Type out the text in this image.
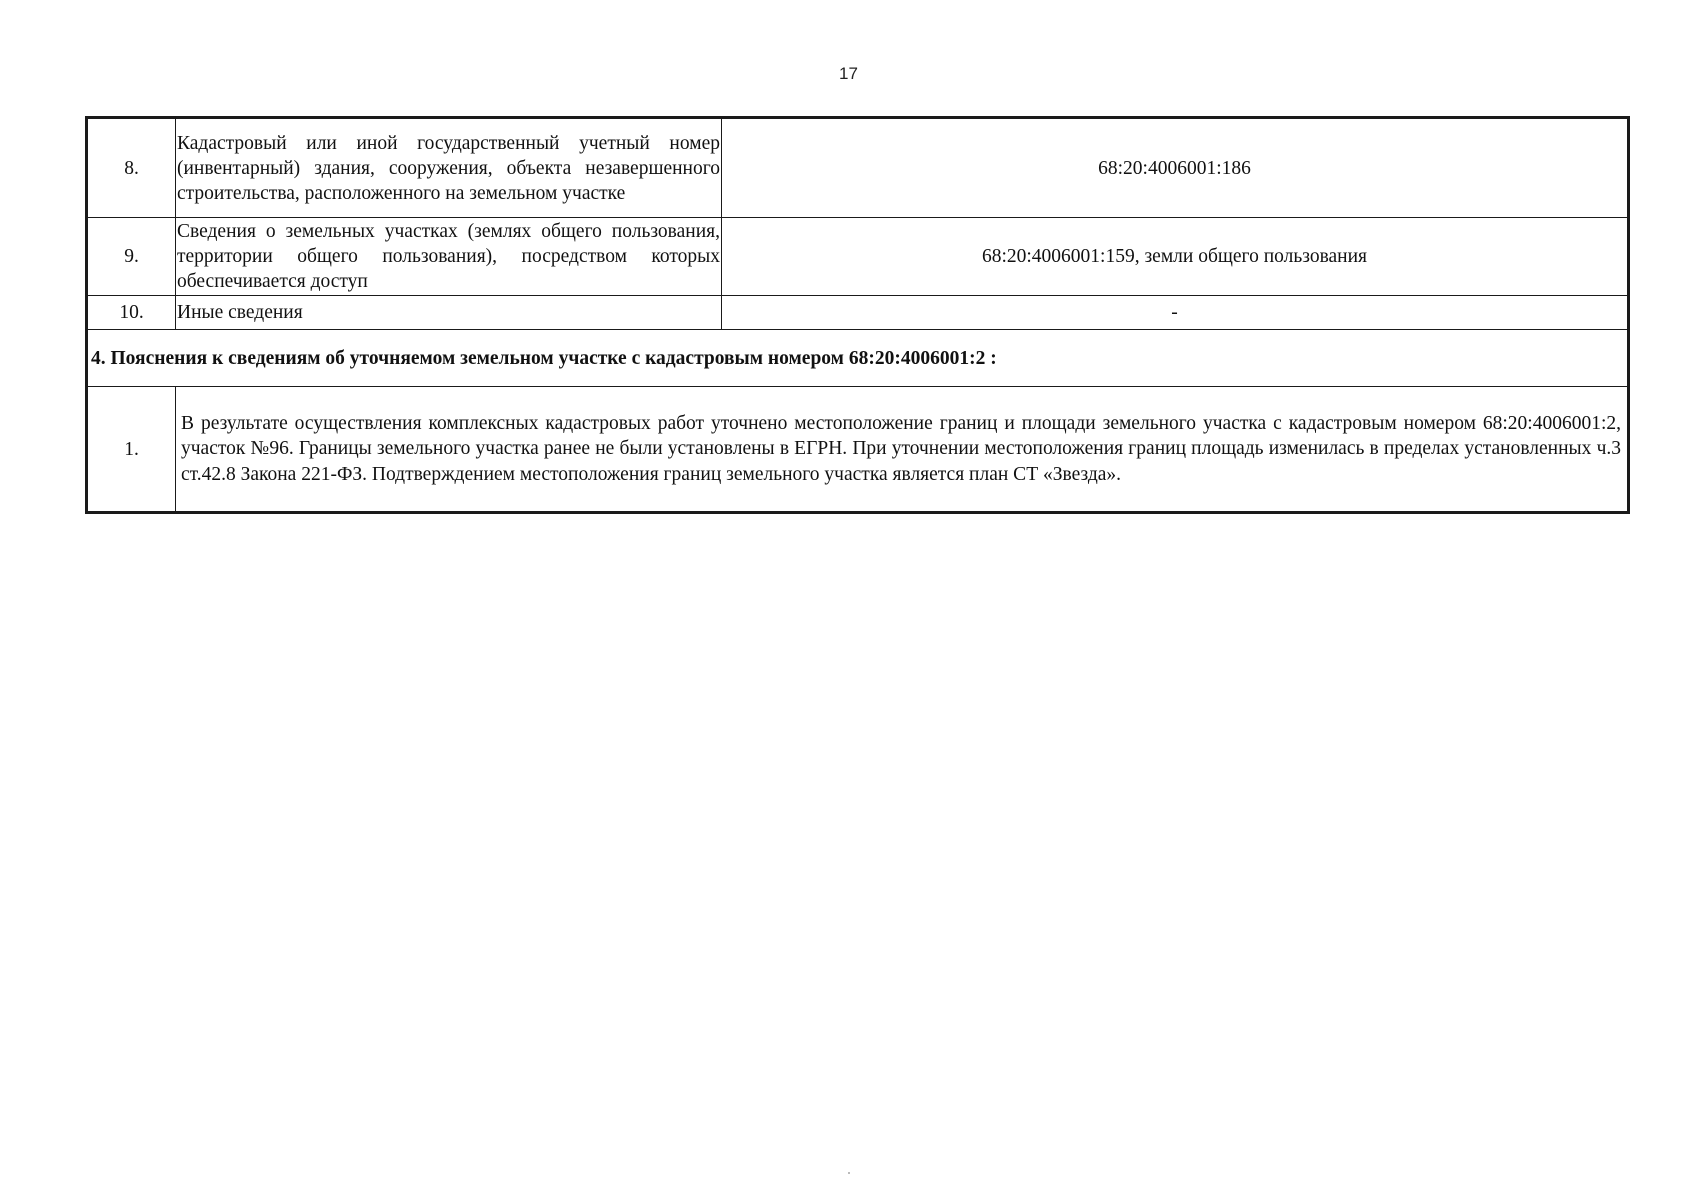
17
8.	Кадастровый или иной государственный учетный номер (инвентарный) здания, сооружения, объекта незавершенного строительства, расположенного на земельном участке	68:20:4006001:186
9.	Сведения о земельных участках (землях общего пользования, территории общего пользования), посредством которых обеспечивается доступ	68:20:4006001:159, земли общего пользования
10.	Иные сведения	-
4. Пояснения к сведениям об уточняемом земельном участке с кадастровым номером 68:20:4006001:2 :		
1.	В результате осуществления комплексных кадастровых работ уточнено местоположение границ и площади земельного участка с кадастровым номером 68:20:4006001:2, участок №96. Границы земельного участка ранее не были установлены в ЕГРН. При уточнении местоположения границ площадь изменилась в пределах установленных ч.3 ст.42.8 Закона 221-ФЗ. Подтверждением местоположения границ земельного участка является план СТ «Звезда».	
